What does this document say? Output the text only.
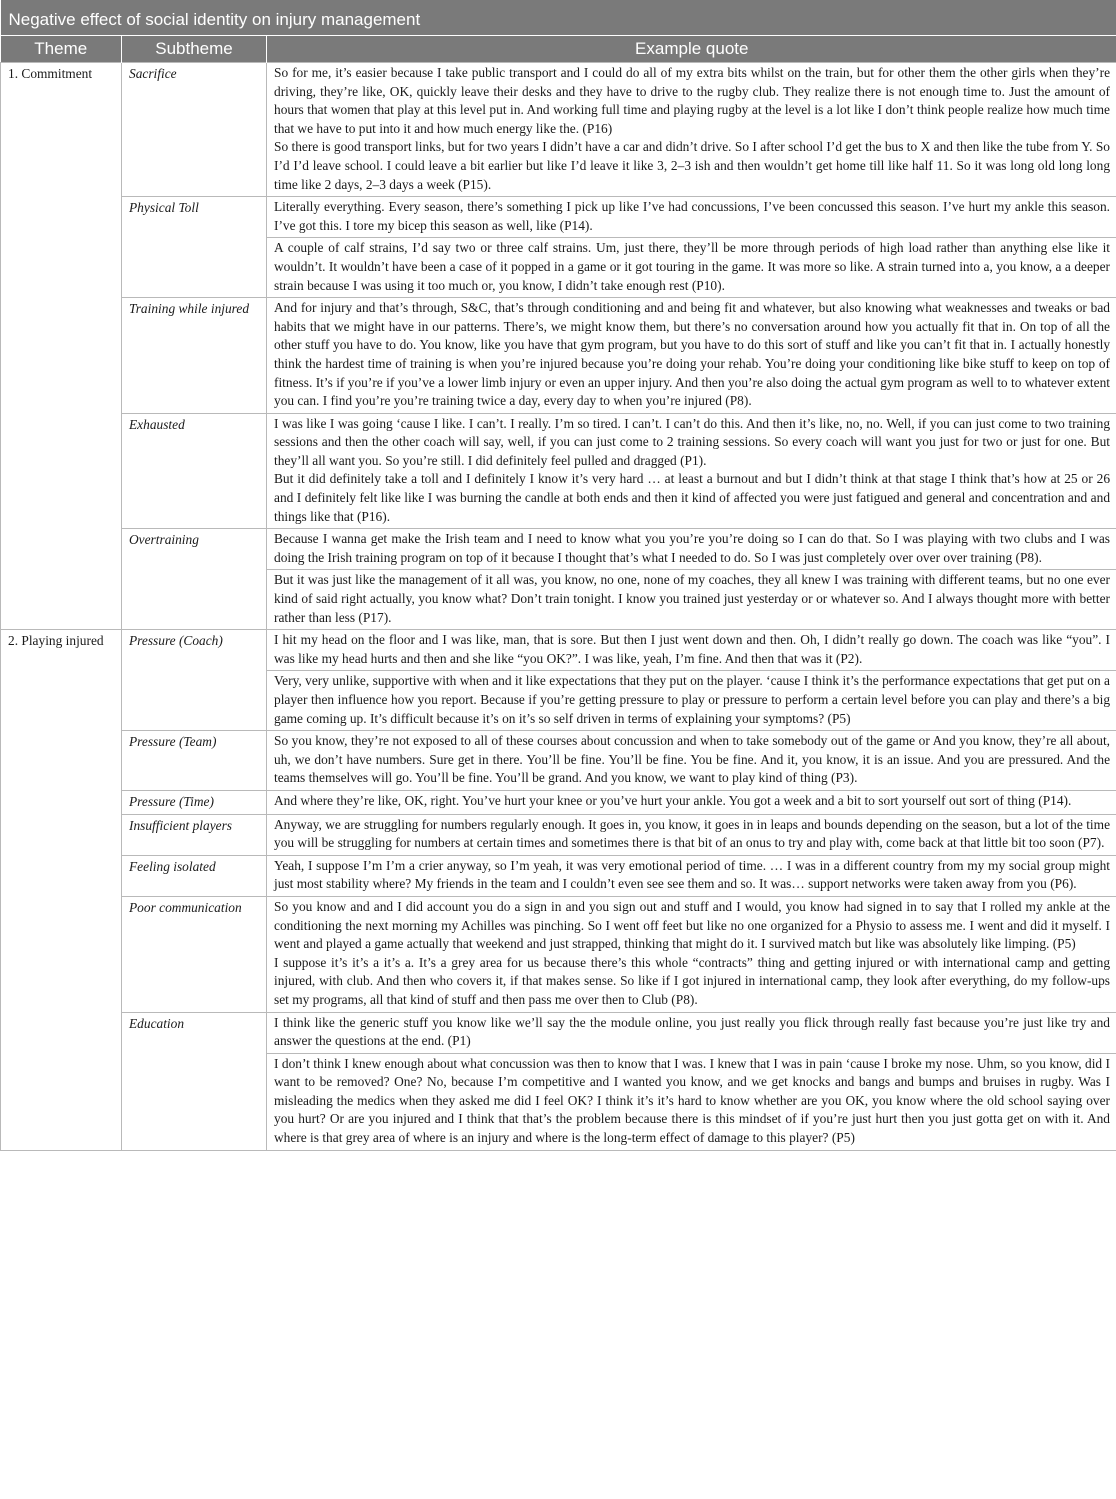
Negative effect of social identity on injury management		
Theme	Subtheme	Example quote
1. Commitment	Sacrifice	So for me, it’s easier because I take public transport and I could do all of my extra bits whilst on the train, but for other them the other girls when they’re driving, they’re like, OK, quickly leave their desks and they have to drive to the rugby club. They realize there is not enough time to. Just the amount of hours that women that play at this level put in. And working full time and playing rugby at the level is a lot like I don’t think people realize how much time that we have to put into it and how much energy like the. (P16)

So there is good transport links, but for two years I didn’t have a car and didn’t drive. So I after school I’d get the bus to X and then like the tube from Y. So I’d I’d leave school. I could leave a bit earlier but like I’d leave it like 3, 2–3 ish and then wouldn’t get home till like half 11. So it was long old long long time like 2 days, 2–3 days a week (P15).

	Physical Toll	Literally everything. Every season, there’s something I pick up like I’ve had concussions, I’ve been concussed this season. I’ve hurt my ankle this season. I’ve got this. I tore my bicep this season as well, like (P14).
		A couple of calf strains, I’d say two or three calf strains. Um, just there, they’ll be more through periods of high load rather than anything else like it wouldn’t. It wouldn’t have been a case of it popped in a game or it got touring in the game. It was more so like. A strain turned into a, you know, a a deeper strain because I was using it too much or, you know, I didn’t take enough rest (P10).
	Training while injured	And for injury and that’s through, S&C, that’s through conditioning and and being fit and whatever, but also knowing what weaknesses and tweaks or bad habits that we might have in our patterns. There’s, we might know them, but there’s no conversation around how you actually fit that in. On top of all the other stuff you have to do. You know, like you have that gym program, but you have to do this sort of stuff and like you can’t fit that in. I actually honestly think the hardest time of training is when you’re injured because you’re doing your rehab. You’re doing your conditioning like bike stuff to keep on top of fitness. It’s if you’re if you’ve a lower limb injury or even an upper injury. And then you’re also doing the actual gym program as well to to whatever extent you can. I find you’re you’re training twice a day, every day to when you’re injured (P8).
	Exhausted	I was like I was going ‘cause I like. I can’t. I really. I’m so tired. I can’t. I can’t do this. And then it’s like, no, no. Well, if you can just come to two training sessions and then the other coach will say, well, if you can just come to 2 training sessions. So every coach will want you just for two or just for one. But they’ll all want you. So you’re still. I did definitely feel pulled and dragged (P1).

But it did definitely take a toll and I definitely I know it’s very hard … at least a burnout and but I didn’t think at that stage I think that’s how at 25 or 26 and I definitely felt like like I was burning the candle at both ends and then it kind of affected you were just fatigued and general and concentration and and things like that (P16).

	Overtraining	Because I wanna get make the Irish team and I need to know what you you’re you’re doing so I can do that. So I was playing with two clubs and I was doing the Irish training program on top of it because I thought that’s what I needed to do. So I was just completely over over over training (P8).
		But it was just like the management of it all was, you know, no one, none of my coaches, they all knew I was training with different teams, but no one ever kind of said right actually, you know what? Don’t train tonight. I know you trained just yesterday or or whatever so. And I always thought more with better rather than less (P17).
2. Playing injured	Pressure (Coach)	I hit my head on the floor and I was like, man, that is sore. But then I just went down and then. Oh, I didn’t really go down. The coach was like “you”. I was like my head hurts and then and she like “you OK?”. I was like, yeah, I’m fine. And then that was it (P2).
		Very, very unlike, supportive with when and it like expectations that they put on the player. ‘cause I think it’s the performance expectations that get put on a player then influence how you report. Because if you’re getting pressure to play or pressure to perform a certain level before you can play and there’s a big game coming up. It’s difficult because it’s on it’s so self driven in terms of explaining your symptoms? (P5)
	Pressure (Team)	So you know, they’re not exposed to all of these courses about concussion and when to take somebody out of the game or And you know, they’re all about, uh, we don’t have numbers. Sure get in there. You’ll be fine. You’ll be fine. You be fine. And it, you know, it is an issue. And you are pressured. And the teams themselves will go. You’ll be fine. You’ll be grand. And you know, we want to play kind of thing (P3).
	Pressure (Time)	And where they’re like, OK, right. You’ve hurt your knee or you’ve hurt your ankle. You got a week and a bit to sort yourself out sort of thing (P14).
	Insufficient players	Anyway, we are struggling for numbers regularly enough. It goes in, you know, it goes in in leaps and bounds depending on the season, but a lot of the time you will be struggling for numbers at certain times and sometimes there is that bit of an onus to try and play with, come back at that little bit too soon (P7).
	Feeling isolated	Yeah, I suppose I’m I’m a crier anyway, so I’m yeah, it was very emotional period of time. … I was in a different country from my my social group might just most stability where? My friends in the team and I couldn’t even see see them and so. It was… support networks were taken away from you (P6).
	Poor communication	So you know and and I did account you do a sign in and you sign out and stuff and I would, you know had signed in to say that I rolled my ankle at the conditioning the next morning my Achilles was pinching. So I went off feet but like no one organized for a Physio to assess me. I went and did it myself. I went and played a game actually that weekend and just strapped, thinking that might do it. I survived match but like was absolutely like limping. (P5)

I suppose it’s it’s a it’s a. It’s a grey area for us because there’s this whole “contracts” thing and getting injured or with international camp and getting injured, with club. And then who covers it, if that makes sense. So like if I got injured in international camp, they look after everything, do my follow-ups set my programs, all that kind of stuff and then pass me over then to Club (P8).

	Education	I think like the generic stuff you know like we’ll say the the module online, you just really you flick through really fast because you’re just like try and answer the questions at the end. (P1)
		I don’t think I knew enough about what concussion was then to know that I was. I knew that I was in pain ‘cause I broke my nose. Uhm, so you know, did I want to be removed? One? No, because I’m competitive and I wanted you know, and we get knocks and bangs and bumps and bruises in rugby. Was I misleading the medics when they asked me did I feel OK? I think it’s it’s hard to know whether are you OK, you know where the old school saying over you hurt? Or are you injured and I think that that’s the problem because there is this mindset of if you’re just hurt then you just gotta get on with it. And where is that grey area of where is an injury and where is the long-term effect of damage to this player? (P5)
